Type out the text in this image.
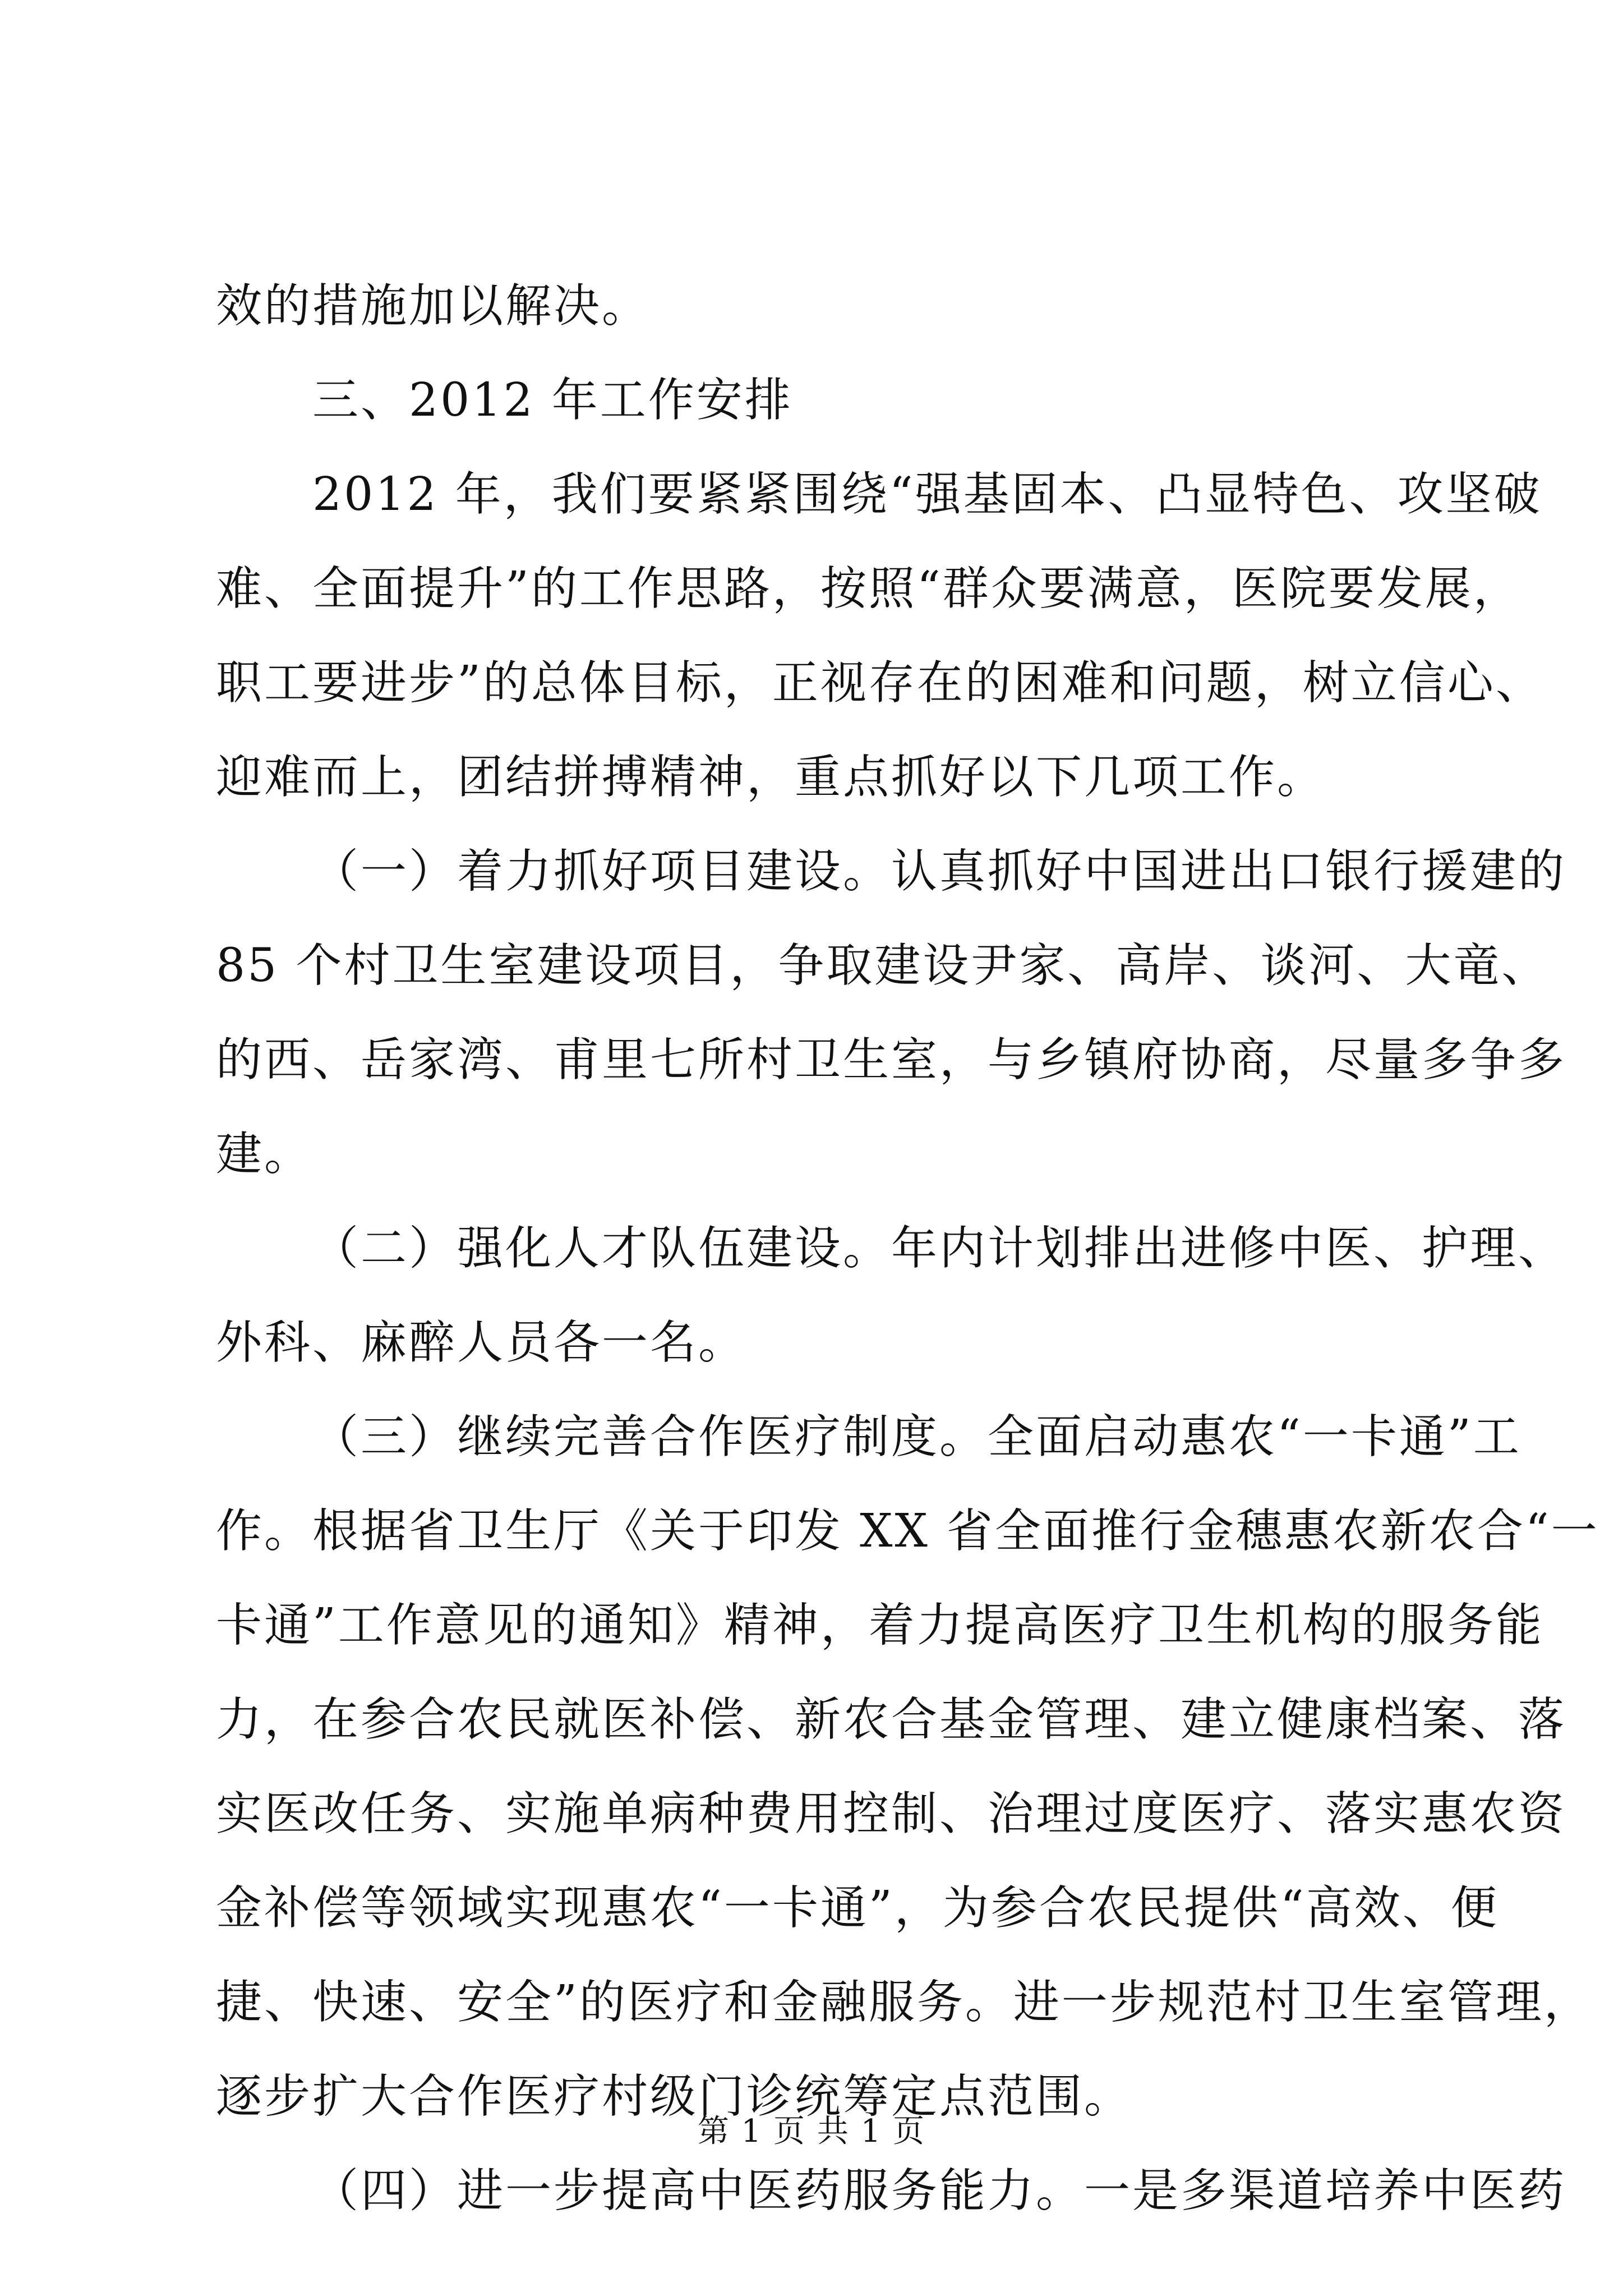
效的措施加以解决。
三、2012 年工作安排
2012 年，我们要紧紧围绕“强基固本、凸显特色、攻坚破
难、全面提升”的工作思路，按照“群众要满意，医院要发展，
职工要进步”的总体目标，正视存在的困难和问题，树立信心、
迎难而上，团结拼搏精神，重点抓好以下几项工作。
（一）着力抓好项目建设。认真抓好中国进出口银行援建的
85 个村卫生室建设项目，争取建设尹家、高岸、谈河、大竜、
的西、岳家湾、甫里七所村卫生室，与乡镇府协商，尽量多争多
建。
（二）强化人才队伍建设。年内计划排出进修中医、护理、
外科、麻醉人员各一名。
（三）继续完善合作医疗制度。全面启动惠农“一卡通”工
作。根据省卫生厅《关于印发 XX 省全面推行金穗惠农新农合“一
卡通”工作意见的通知》精神，着力提高医疗卫生机构的服务能
力，在参合农民就医补偿、新农合基金管理、建立健康档案、落
实医改任务、实施单病种费用控制、治理过度医疗、落实惠农资
金补偿等领域实现惠农“一卡通”，为参合农民提供“高效、便
捷、快速、安全”的医疗和金融服务。进一步规范村卫生室管理，
逐步扩大合作医疗村级门诊统筹定点范围。
（四）进一步提高中医药服务能力。一是多渠道培养中医药
第 1 页 共 1 页
